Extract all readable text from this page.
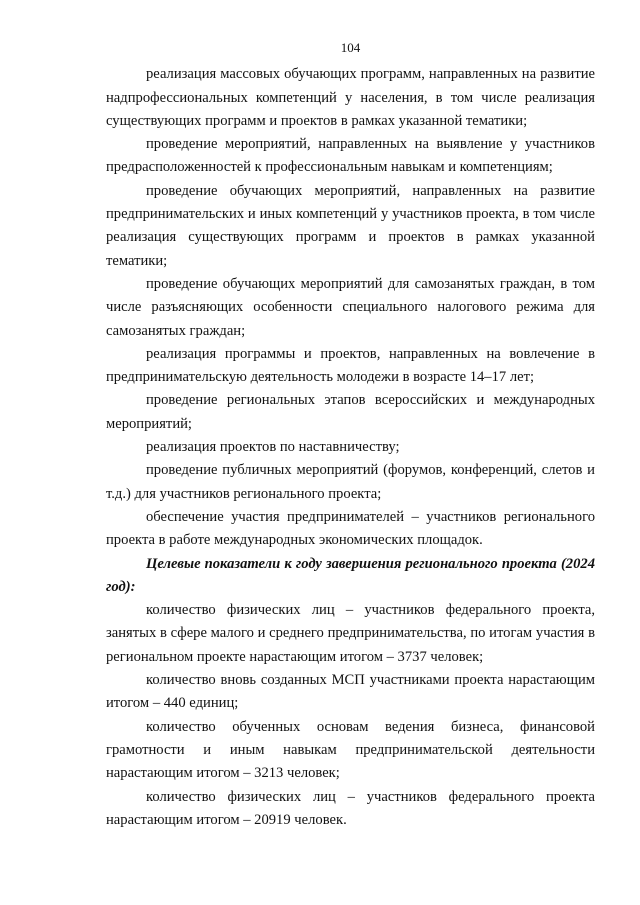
104

реализация массовых обучающих программ, направленных на развитие надпрофессиональных компетенций у населения, в том числе реализация существующих программ и проектов в рамках указанной тематики;

проведение мероприятий, направленных на выявление у участников предрасположенностей к профессиональным навыкам и компетенциям;

проведение обучающих мероприятий, направленных на развитие предпринимательских и иных компетенций у участников проекта, в том числе реализация существующих программ и проектов в рамках указанной тематики;

проведение обучающих мероприятий для самозанятых граждан, в том числе разъясняющих особенности специального налогового режима для самозанятых граждан;

реализация программы и проектов, направленных на вовлечение в предпринимательскую деятельность молодежи в возрасте 14–17 лет;

проведение региональных этапов всероссийских и международных мероприятий;

реализация проектов по наставничеству;

проведение публичных мероприятий (форумов, конференций, слетов и т.д.) для участников регионального проекта;

обеспечение участия предпринимателей – участников регионального проекта в работе международных экономических площадок.

Целевые показатели к году завершения регионального проекта (2024 год):

количество физических лиц – участников федерального проекта, занятых в сфере малого и среднего предпринимательства, по итогам участия в региональном проекте нарастающим итогом – 3737 человек;

количество вновь созданных МСП участниками проекта нарастающим итогом – 440 единиц;

количество обученных основам ведения бизнеса, финансовой грамотности и иным навыкам предпринимательской деятельности нарастающим итогом – 3213 человек;

количество физических лиц – участников федерального проекта нарастающим итогом – 20919 человек.
